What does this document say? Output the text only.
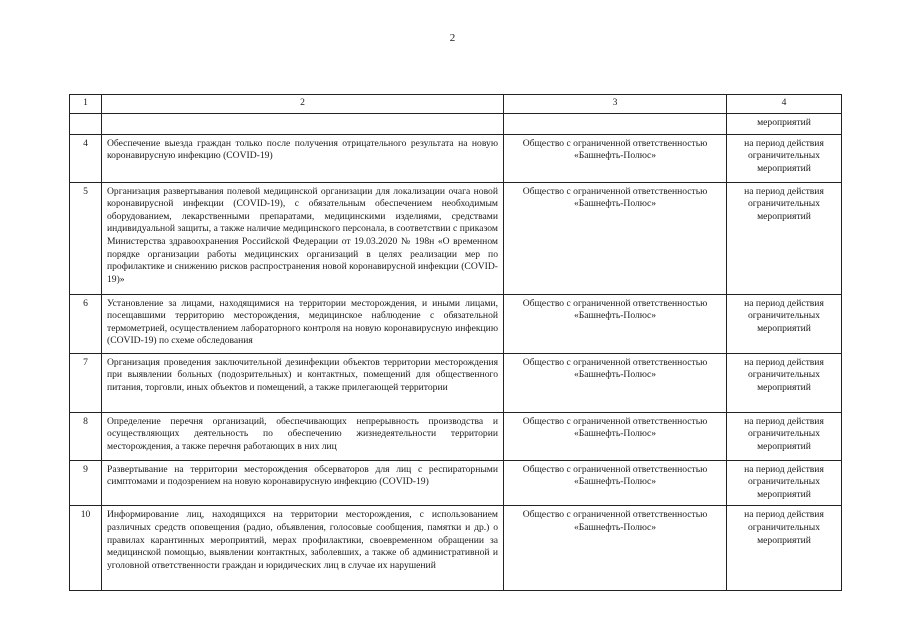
2
1	2	3	4
			мероприятий
4	Обеспечение выезда граждан только после получения отрицательного результата на новую коронавирусную инфекцию (COVID-19)	Общество с ограниченной ответственностью «Башнефть-Полюс»	на период действия ограничительных мероприятий
5	Организация развертывания полевой медицинской организации для локализации очага новой коронавирусной инфекции (COVID-19), с обязательным обеспечением необходимым оборудованием, лекарственными препаратами, медицинскими изделиями, средствами индивидуальной защиты, а также наличие медицинского персонала, в соответствии с приказом Министерства здравоохранения Российской Федерации от 19.03.2020 № 198н «О временном порядке организации работы медицинских организаций в целях реализации мер по профилактике и снижению рисков распространения новой коронавирусной инфекции (COVID-19)»	Общество с ограниченной ответственностью «Башнефть-Полюс»	на период действия ограничительных мероприятий
6	Установление за лицами, находящимися на территории месторождения, и иными лицами, посещавшими территорию месторождения, медицинское наблюдение с обязательной термометрией, осуществлением лабораторного контроля на новую коронавирусную инфекцию (COVID-19) по схеме обследования	Общество с ограниченной ответственностью «Башнефть-Полюс»	на период действия ограничительных мероприятий
7	Организация проведения заключительной дезинфекции объектов территории месторождения при выявлении больных (подозрительных) и контактных, помещений для общественного питания, торговли, иных объектов и помещений, а также прилегающей территории	Общество с ограниченной ответственностью «Башнефть-Полюс»	на период действия ограничительных мероприятий
8	Определение перечня организаций, обеспечивающих непрерывность производства и осуществляющих деятельность по обеспечению жизнедеятельности территории месторождения, а также перечня работающих в них лиц	Общество с ограниченной ответственностью «Башнефть-Полюс»	на период действия ограничительных мероприятий
9	Развертывание на территории месторождения обсерваторов для лиц с респираторными симптомами и подозрением на новую коронавирусную инфекцию (COVID-19)	Общество с ограниченной ответственностью «Башнефть-Полюс»	на период действия ограничительных мероприятий
10	Информирование лиц, находящихся на территории месторождения, с использованием различных средств оповещения (радио, объявления, голосовые сообщения, памятки и др.) о правилах карантинных мероприятий, мерах профилактики, своевременном обращении за медицинской помощью, выявлении контактных, заболевших, а также об административной и уголовной ответственности граждан и юридических лиц в случае их нарушений	Общество с ограниченной ответственностью «Башнефть-Полюс»	на период действия ограничительных мероприятий
